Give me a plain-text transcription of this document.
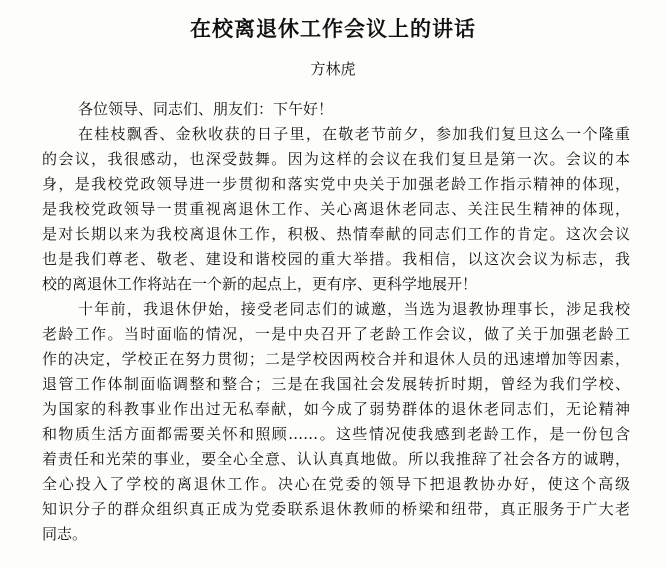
在校离退休工作会议上的讲话
方林虎
各位领导、同志们、朋友们：下午好！
在桂枝飘香、金秋收获的日子里，在敬老节前夕，参加我们复旦这么一个隆重
的会议，我很感动，也深受鼓舞。因为这样的会议在我们复旦是第一次。会议的本
身，是我校党政领导进一步贯彻和落实党中央关于加强老龄工作指示精神的体现，
是我校党政领导一贯重视离退休工作、关心离退休老同志、关注民生精神的体现，
是对长期以来为我校离退休工作，积极、热情奉献的同志们工作的肯定。这次会议
也是我们尊老、敬老、建设和谐校园的重大举措。我相信，以这次会议为标志，我
校的离退休工作将站在一个新的起点上，更有序、更科学地展开！
十年前，我退休伊始，接受老同志们的诚邀，当选为退教协理事长，涉足我校
老龄工作。当时面临的情况，一是中央召开了老龄工作会议，做了关于加强老龄工
作的决定，学校正在努力贯彻；二是学校因两校合并和退休人员的迅速增加等因素，
退管工作体制面临调整和整合；三是在我国社会发展转折时期，曾经为我们学校、
为国家的科教事业作出过无私奉献，如今成了弱势群体的退休老同志们，无论精神
和物质生活方面都需要关怀和照顾……。这些情况使我感到老龄工作，是一份包含
着责任和光荣的事业，要全心全意、认认真真地做。所以我推辞了社会各方的诚聘，
全心投入了学校的离退休工作。决心在党委的领导下把退教协办好，使这个高级
知识分子的群众组织真正成为党委联系退休教师的桥梁和纽带，真正服务于广大老
同志。
